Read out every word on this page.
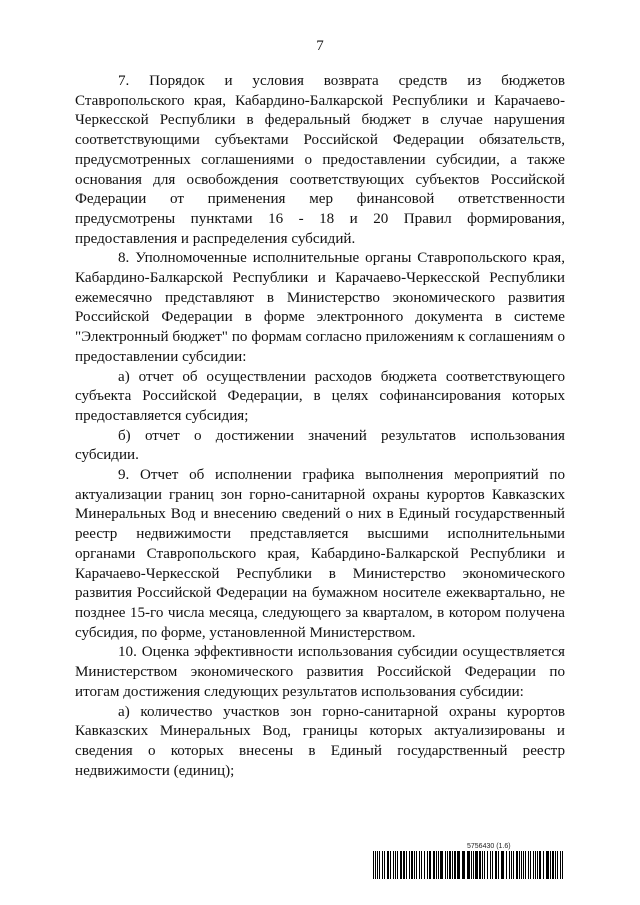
7

7. Порядок и условия возврата средств из бюджетов Ставропольского края, Кабардино-Балкарской Республики и Карачаево-Черкесской Республики в федеральный бюджет в случае нарушения соответствующими субъектами Российской Федерации обязательств, предусмотренных соглашениями о предоставлении субсидии, а также основания для освобождения соответствующих субъектов Российской Федерации от применения мер финансовой ответственности предусмотрены пунктами 16 - 18 и 20 Правил формирования, предоставления и распределения субсидий.

8. Уполномоченные исполнительные органы Ставропольского края, Кабардино-Балкарской Республики и Карачаево-Черкесской Республики ежемесячно представляют в Министерство экономического развития Российской Федерации в форме электронного документа в системе "Электронный бюджет" по формам согласно приложениям к соглашениям о предоставлении субсидии:

а) отчет об осуществлении расходов бюджета соответствующего субъекта Российской Федерации, в целях софинансирования которых предоставляется субсидия;

б) отчет о достижении значений результатов использования субсидии.

9. Отчет об исполнении графика выполнения мероприятий по актуализации границ зон горно-санитарной охраны курортов Кавказских Минеральных Вод и внесению сведений о них в Единый государственный реестр недвижимости представляется высшими исполнительными органами Ставропольского края, Кабардино-Балкарской Республики и Карачаево-Черкесской Республики в Министерство экономического развития Российской Федерации на бумажном носителе ежеквартально, не позднее 15-го числа месяца, следующего за кварталом, в котором получена субсидия, по форме, установленной Министерством.

10. Оценка эффективности использования субсидии осуществляется Министерством экономического развития Российской Федерации по итогам достижения следующих результатов использования субсидии:

а) количество участков зон горно-санитарной охраны курортов Кавказских Минеральных Вод, границы которых актуализированы и сведения о которых внесены в Единый государственный реестр недвижимости (единиц);

5756430 (1.6)
